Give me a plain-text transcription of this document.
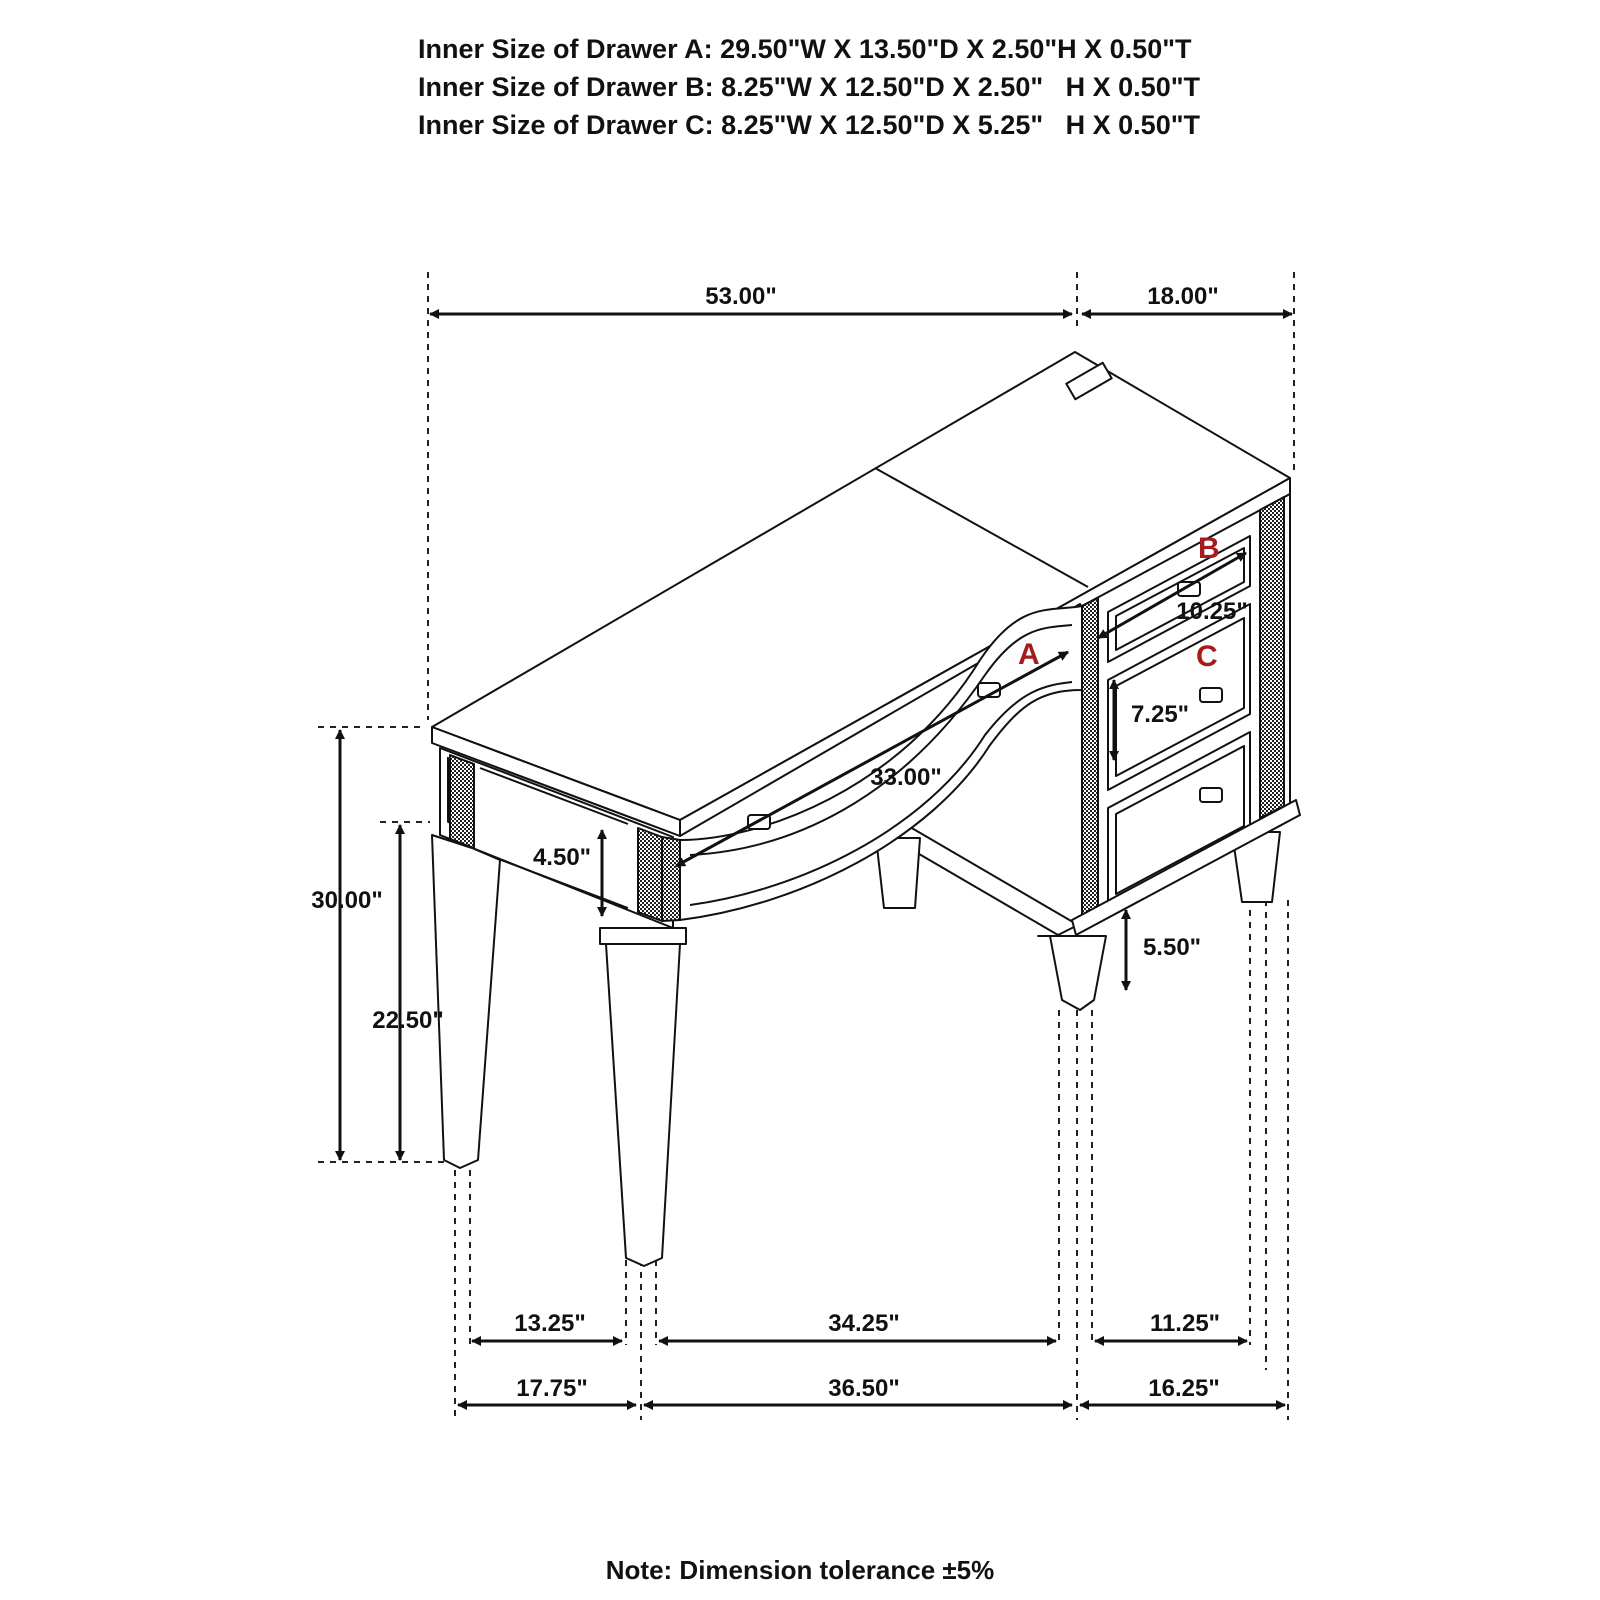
Inner Size of Drawer A: 29.50"W X 13.50"D X 2.50"H X 0.50"T
Inner Size of Drawer B: 8.25"W X 12.50"D X 2.50"   H X 0.50"T
Inner Size of Drawer C: 8.25"W X 12.50"D X 5.25"   H X 0.50"T
53.00"	18.00"
30.00"
22.50"
4.50"
33.00"
10.25"
7.25"
5.50"
13.25"	34.25"	11.25"
17.75"	36.50"	16.25"
A
B
C
Note: Dimension tolerance ±5%
